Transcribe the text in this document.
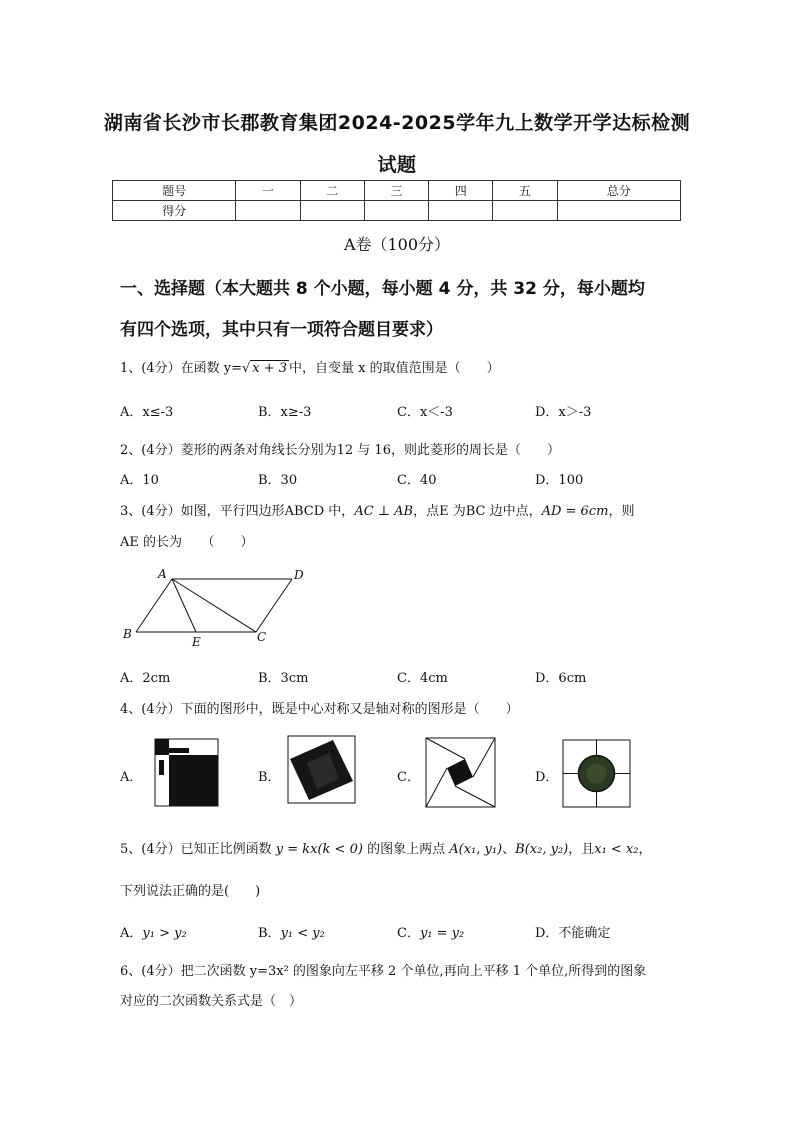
湖南省长沙市长郡教育集团2024-2025学年九上数学开学达标检测
试题
题号	一	二	三	四	五	总分
得分						
A卷（100分）
一、选择题（本大题共 8 个小题，每小题 4 分，共 32 分，每小题均
有四个选项，其中只有一项符合题目要求）
1、(4分）在函数 y=√ x + 3 中，自变量 x 的取值范围是（　　）
A．x≤-3	B．x≥-3	C．x＜-3	D．x＞-3
2、(4分）菱形的两条对角线长分别为12 与 16，则此菱形的周长是（　　）
A．10	B．30	C．40	D．100
3、(4分）如图，平行四边形ABCD 中，AC ⊥ AB，点E 为BC 边中点，AD = 6cm，则
AE 的长为　　（　　）
A	D
B
E	C
A．2cm	B．3cm	C．4cm	D．6cm
4、(4分）下面的图形中，既是中心对称又是轴对称的图形是（　　）
A．	B．	C．	D．
5、(4分）已知正比例函数 y = kx(k < 0) 的图象上两点 A(x₁, y₁)、B(x₂, y₂)，且x₁ < x₂，
下列说法正确的是(　　)
A．y₁ > y₂	B．y₁ < y₂	C．y₁ = y₂	D．不能确定
6、(4分）把二次函数 y=3x² 的图象向左平移 2 个单位,再向上平移 1 个单位,所得到的图象
对应的二次函数关系式是（　）
